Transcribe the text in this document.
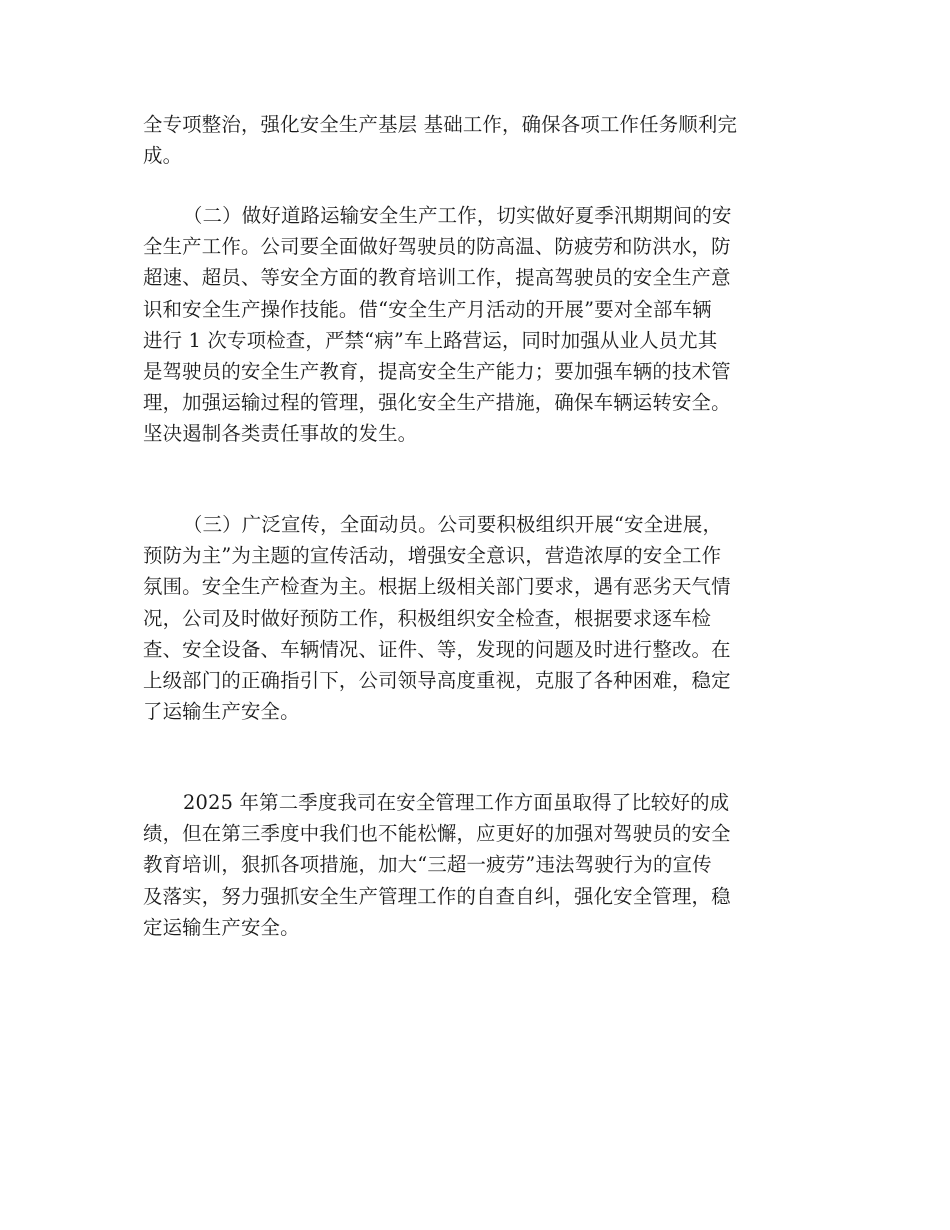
全专项整治，强化安全生产基层 基础工作，确保各项工作任务顺利完
成。
（二）做好道路运输安全生产工作，切实做好夏季汛期期间的安
全生产工作。公司要全面做好驾驶员的防高温、防疲劳和防洪水，防
超速、超员、等安全方面的教育培训工作，提高驾驶员的安全生产意
识和安全生产操作技能。借“安全生产月活动的开展”要对全部车辆
进行 1 次专项检查，严禁“病”车上路营运，同时加强从业人员尤其
是驾驶员的安全生产教育，提高安全生产能力；要加强车辆的技术管
理，加强运输过程的管理，强化安全生产措施，确保车辆运转安全。
坚决遏制各类责任事故的发生。
（三）广泛宣传，全面动员。公司要积极组织开展“安全进展，
预防为主”为主题的宣传活动，增强安全意识，营造浓厚的安全工作
氛围。安全生产检查为主。根据上级相关部门要求，遇有恶劣天气情
况，公司及时做好预防工作，积极组织安全检查，根据要求逐车检
查、安全设备、车辆情况、证件、等，发现的问题及时进行整改。在
上级部门的正确指引下，公司领导高度重视，克服了各种困难，稳定
了运输生产安全。
2025 年第二季度我司在安全管理工作方面虽取得了比较好的成
绩，但在第三季度中我们也不能松懈，应更好的加强对驾驶员的安全
教育培训，狠抓各项措施，加大“三超一疲劳”违法驾驶行为的宣传
及落实，努力强抓安全生产管理工作的自查自纠，强化安全管理，稳
定运输生产安全。
